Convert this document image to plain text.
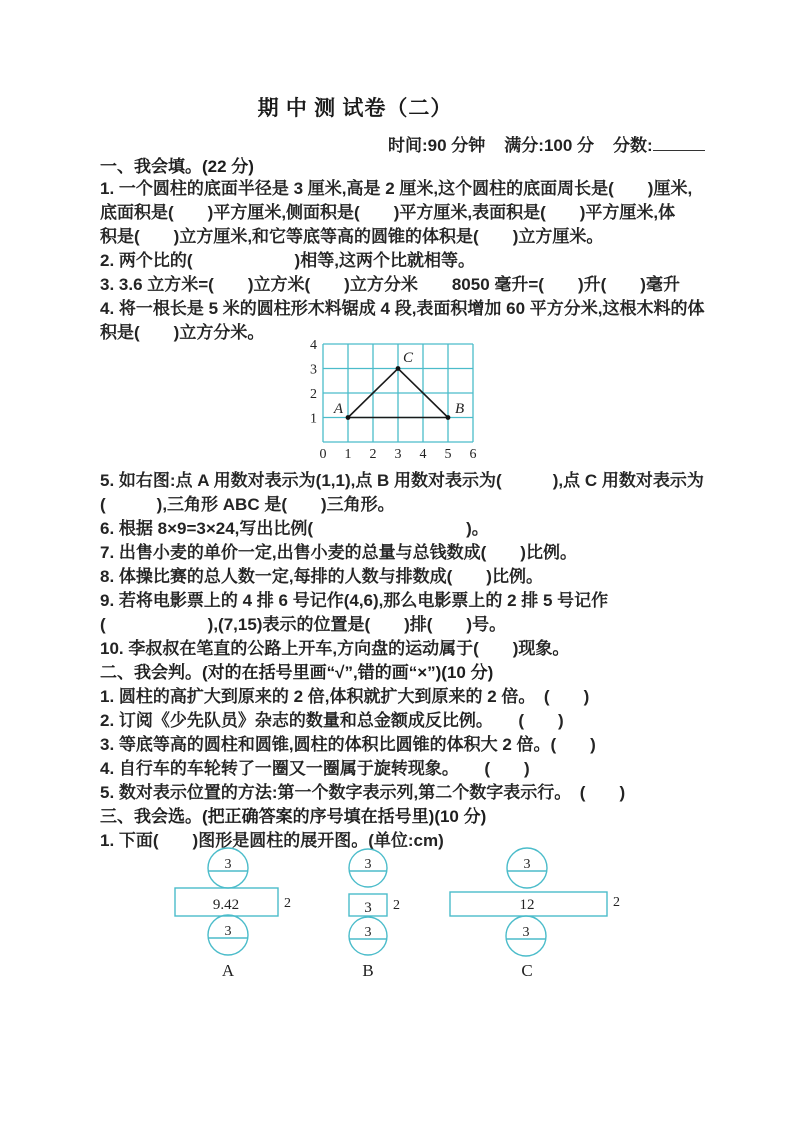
期 中 测 试卷（二）
时间:90 分钟 满分:100 分 分数:
一、我会填。(22 分)
1. 一个圆柱的底面半径是 3 厘米,高是 2 厘米,这个圆柱的底面周长是(　　)厘米,
底面积是(　　)平方厘米,侧面积是(　　)平方厘米,表面积是(　　)平方厘米,体
积是(　　)立方厘米,和它等底等高的圆锥的体积是(　　)立方厘米。
2. 两个比的(　　　　　　)相等,这两个比就相等。
3. 3.6 立方米=(　　)立方米(　　)立方分米　　8050 毫升=(　　)升(　　)毫升
4. 将一根长是 5 米的圆柱形木料锯成 4 段,表面积增加 60 平方分米,这根木料的体
积是(　　)立方分米。
4
3
2
1
0 1 2 3 4 5 6
A	B
C
5. 如右图:点 A 用数对表示为(1,1),点 B 用数对表示为(　　　),点 C 用数对表示为
(　　　),三角形 ABC 是(　　)三角形。
6. 根据 8×9=3×24,写出比例(　　　　　　　　　)。
7. 出售小麦的单价一定,出售小麦的总量与总钱数成(　　)比例。
8. 体操比赛的总人数一定,每排的人数与排数成(　　)比例。
9. 若将电影票上的 4 排 6 号记作(4,6),那么电影票上的 2 排 5 号记作
(　　　　　　),(7,15)表示的位置是(　　)排(　　)号。
10. 李叔叔在笔直的公路上开车,方向盘的运动属于(　　)现象。
二、我会判。(对的在括号里画“√”,错的画“×”)(10 分)
1. 圆柱的高扩大到原来的 2 倍,体积就扩大到原来的 2 倍。　(　　)
2. 订阅《少先队员》杂志的数量和总金额成反比例。　　(　　)
3. 等底等高的圆柱和圆锥,圆柱的体积比圆锥的体积大 2 倍。(　　)
4. 自行车的车轮转了一圈又一圈属于旋转现象。　　(　　)
5. 数对表示位置的方法:第一个数字表示列,第二个数字表示行。　(　　)
三、我会选。(把正确答案的序号填在括号里)(10 分)
1. 下面(　　)图形是圆柱的展开图。(单位:cm)
3
9.42	2
3
A
3
3 2
3
B
3
12	2
3
C
